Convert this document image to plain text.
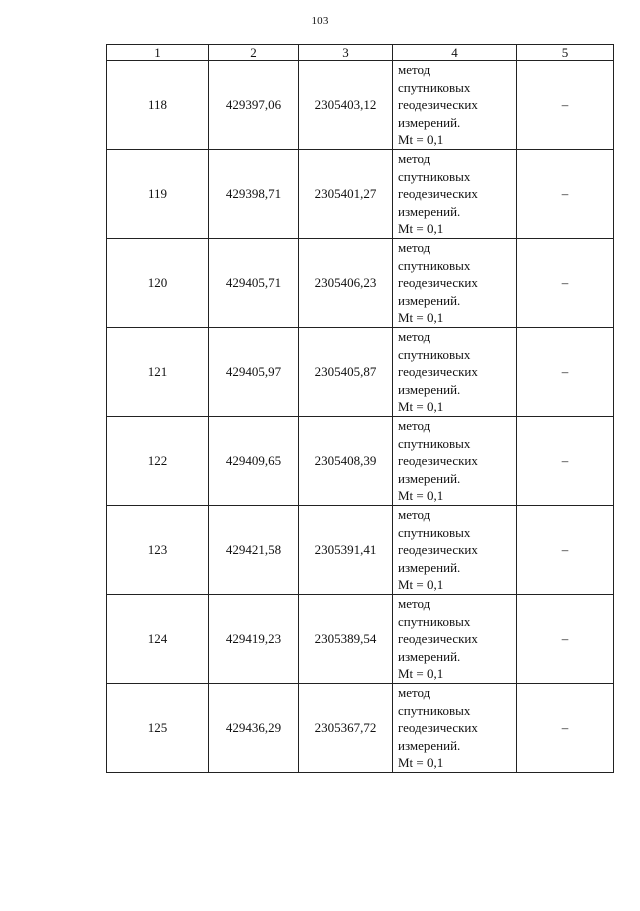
103
1	2	3	4	5
118	429397,06	2305403,12	метод
спутниковых
геодезических
измерений.
Mt = 0,1	–
119	429398,71	2305401,27	метод
спутниковых
геодезических
измерений.
Mt = 0,1	–
120	429405,71	2305406,23	метод
спутниковых
геодезических
измерений.
Mt = 0,1	–
121	429405,97	2305405,87	метод
спутниковых
геодезических
измерений.
Mt = 0,1	–
122	429409,65	2305408,39	метод
спутниковых
геодезических
измерений.
Mt = 0,1	–
123	429421,58	2305391,41	метод
спутниковых
геодезических
измерений.
Mt = 0,1	–
124	429419,23	2305389,54	метод
спутниковых
геодезических
измерений.
Mt = 0,1	–
125	429436,29	2305367,72	метод
спутниковых
геодезических
измерений.
Mt = 0,1	–
